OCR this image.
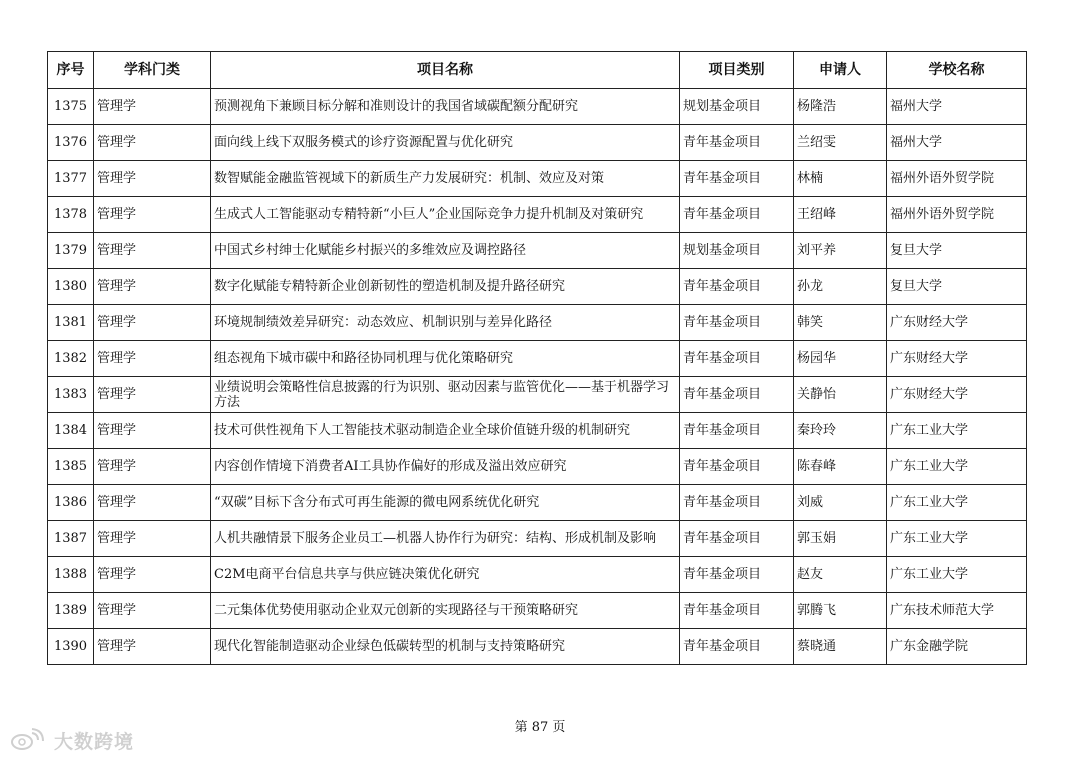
序号	学科门类	项目名称	项目类别	申请人	学校名称
1375	管理学	预测视角下兼顾目标分解和准则设计的我国省域碳配额分配研究	规划基金项目	杨隆浩	福州大学
1376	管理学	面向线上线下双服务模式的诊疗资源配置与优化研究	青年基金项目	兰绍雯	福州大学
1377	管理学	数智赋能金融监管视域下的新质生产力发展研究：机制、效应及对策	青年基金项目	林楠	福州外语外贸学院
1378	管理学	生成式人工智能驱动专精特新“小巨人”企业国际竞争力提升机制及对策研究	青年基金项目	王绍峰	福州外语外贸学院
1379	管理学	中国式乡村绅士化赋能乡村振兴的多维效应及调控路径	规划基金项目	刘平养	复旦大学
1380	管理学	数字化赋能专精特新企业创新韧性的塑造机制及提升路径研究	青年基金项目	孙龙	复旦大学
1381	管理学	环境规制绩效差异研究：动态效应、机制识别与差异化路径	青年基金项目	韩笑	广东财经大学
1382	管理学	组态视角下城市碳中和路径协同机理与优化策略研究	青年基金项目	杨园华	广东财经大学
1383	管理学	业绩说明会策略性信息披露的行为识别、驱动因素与监管优化——基于机器学习方法	青年基金项目	关静怡	广东财经大学
1384	管理学	技术可供性视角下人工智能技术驱动制造企业全球价值链升级的机制研究	青年基金项目	秦玲玲	广东工业大学
1385	管理学	内容创作情境下消费者AI工具协作偏好的形成及溢出效应研究	青年基金项目	陈春峰	广东工业大学
1386	管理学	“双碳”目标下含分布式可再生能源的微电网系统优化研究	青年基金项目	刘威	广东工业大学
1387	管理学	人机共融情景下服务企业员工—机器人协作行为研究：结构、形成机制及影响	青年基金项目	郭玉娟	广东工业大学
1388	管理学	C2M电商平台信息共享与供应链决策优化研究	青年基金项目	赵友	广东工业大学
1389	管理学	二元集体优势使用驱动企业双元创新的实现路径与干预策略研究	青年基金项目	郭腾飞	广东技术师范大学
1390	管理学	现代化智能制造驱动企业绿色低碳转型的机制与支持策略研究	青年基金项目	蔡晓通	广东金融学院
第 87 页
大数跨境
